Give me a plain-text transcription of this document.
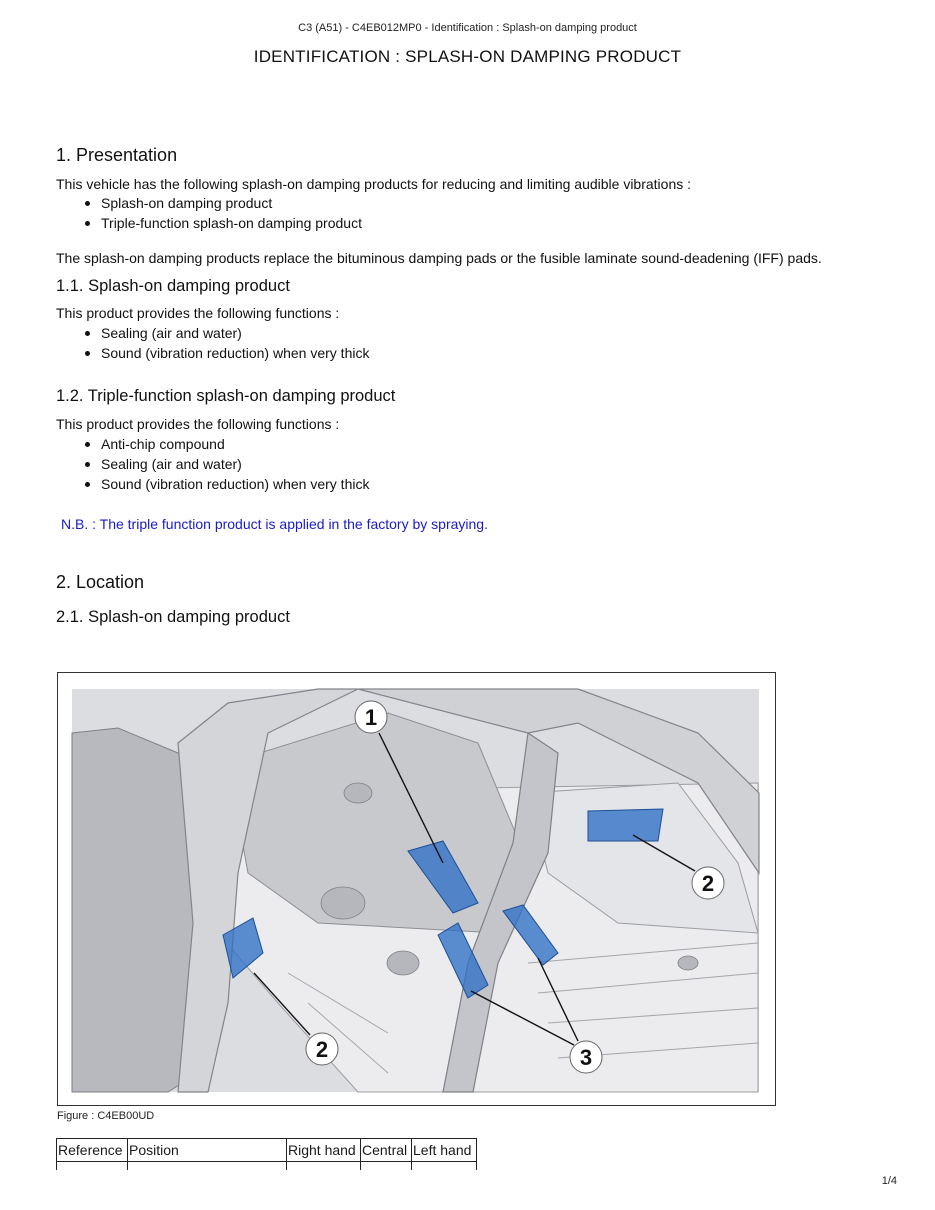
C3 (A51) - C4EB012MP0 - Identification : Splash-on damping product
IDENTIFICATION : SPLASH-ON DAMPING PRODUCT
1. Presentation

This vehicle has the following splash-on damping products for reducing and limiting audible vibrations :

Splash-on damping product
Triple-function splash-on damping product

The splash-on damping products replace the bituminous damping pads or the fusible laminate sound-deadening (IFF) pads.

1.1. Splash-on damping product

This product provides the following functions :

Sealing (air and water)
Sound (vibration reduction) when very thick
1.2. Triple-function splash-on damping product

This product provides the following functions :

Anti-chip compound
Sealing (air and water)
Sound (vibration reduction) when very thick
N.B. : The triple function product is applied in the factory by spraying.
2. Location
2.1. Splash-on damping product
1
2
2	3
Figure : C4EB00UD
Reference	Position	Right hand	Central	Left hand

1/4
